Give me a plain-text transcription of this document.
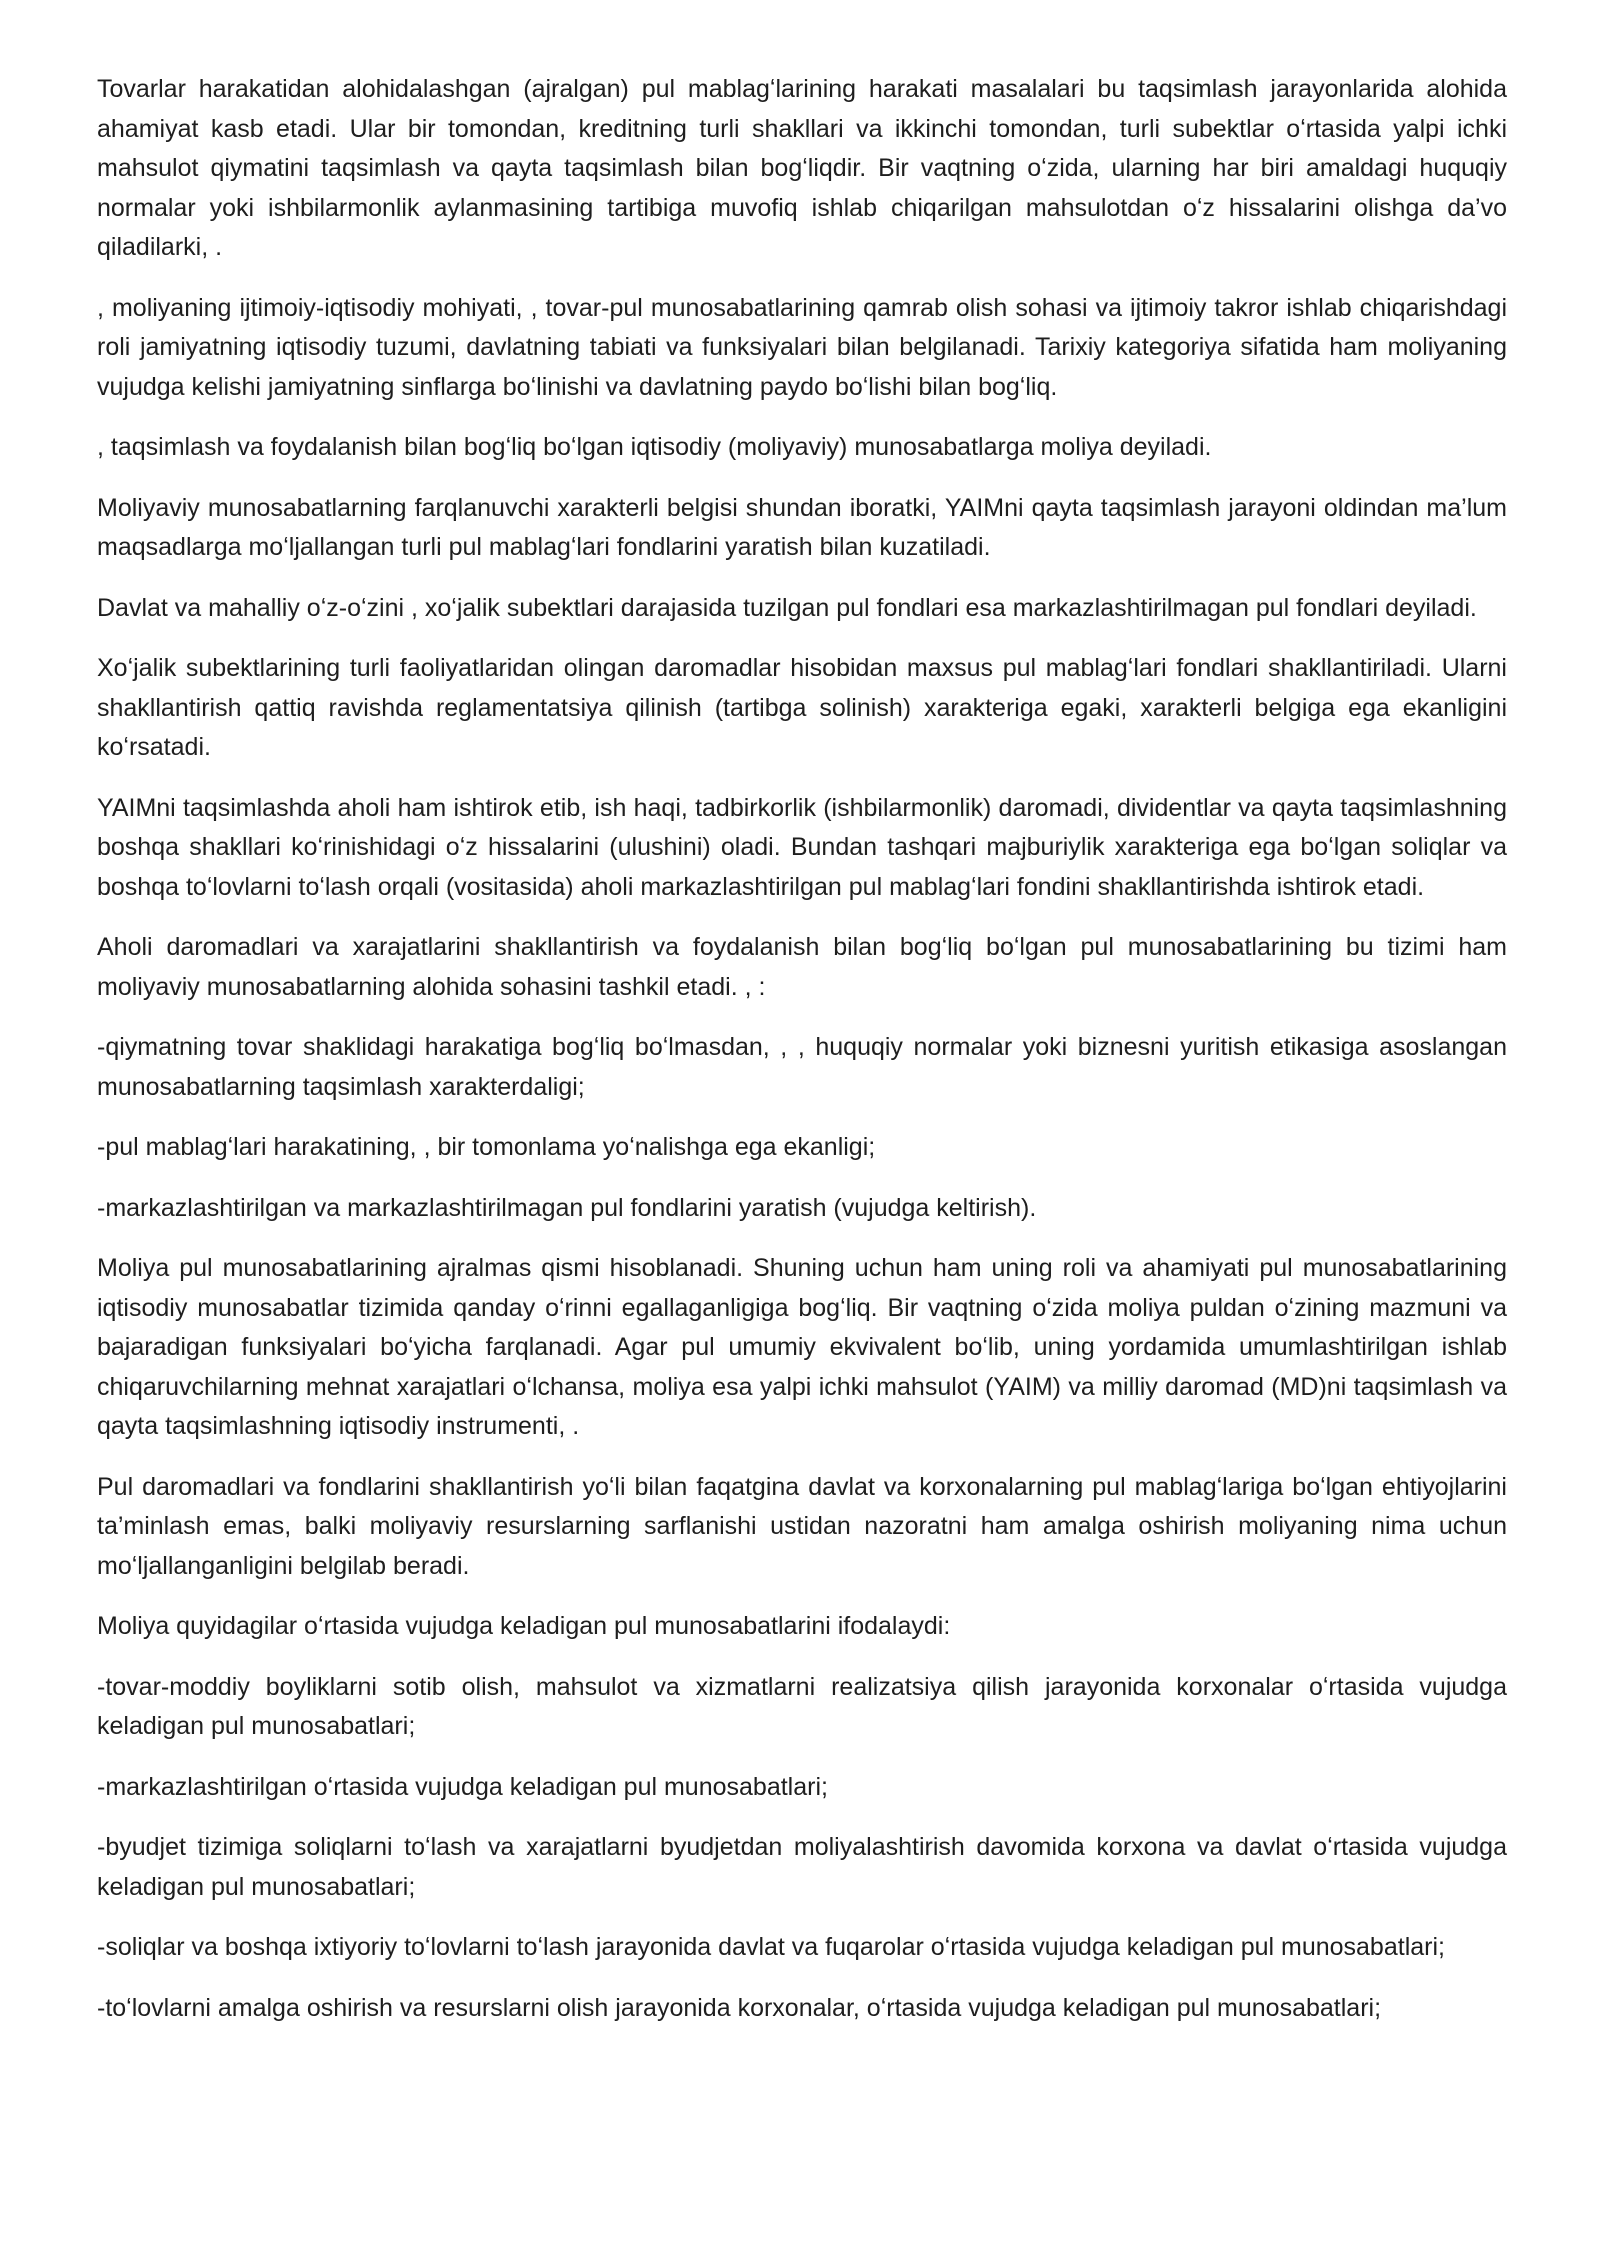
Tovarlar harakatidan alohidalashgan (ajralgan) pul mablagʻlarining harakati masalalari bu taqsimlash jarayonlarida alohida ahamiyat kasb etadi. Ular bir tomondan, kreditning turli shakllari va ikkinchi tomondan, turli subektlar oʻrtasida yalpi ichki mahsulot qiymatini taqsimlash va qayta taqsimlash bilan bogʻliqdir. Bir vaqtning oʻzida, ularning har biri amaldagi huquqiy normalar yoki ishbilarmonlik aylanmasining tartibiga muvofiq ishlab chiqarilgan mahsulotdan oʻz hissalarini olishga da’vo qiladilarki, .

, moliyaning ijtimoiy-iqtisodiy mohiyati, , tovar-pul munosabatlarining qamrab olish sohasi va ijtimoiy takror ishlab chiqarishdagi roli jamiyatning iqtisodiy tuzumi, davlatning tabiati va funksiyalari bilan belgilanadi. Tarixiy kategoriya sifatida ham moliyaning vujudga kelishi jamiyatning sinflarga boʻlinishi va davlatning paydo boʻlishi bilan bogʻliq.

, taqsimlash va foydalanish bilan bogʻliq boʻlgan iqtisodiy (moliyaviy) munosabatlarga moliya deyiladi.

Moliyaviy munosabatlarning farqlanuvchi xarakterli belgisi shundan iboratki, YAIMni qayta taqsimlash jarayoni oldindan ma’lum maqsadlarga moʻljallangan turli pul mablagʻlari fondlarini yaratish bilan kuzatiladi.

Davlat va mahalliy oʻz-oʻzini , xoʻjalik subektlari darajasida tuzilgan pul fondlari esa markazlashtirilmagan pul fondlari deyiladi.

Xoʻjalik subektlarining turli faoliyatlaridan olingan daromadlar hisobidan maxsus pul mablagʻlari fondlari shakllantiriladi. Ularni shakllantirish qattiq ravishda reglamentatsiya qilinish (tartibga solinish) xarakteriga egaki, xarakterli belgiga ega ekanligini koʻrsatadi.

YAIMni taqsimlashda aholi ham ishtirok etib, ish haqi, tadbirkorlik (ishbilarmonlik) daromadi, dividentlar va qayta taqsimlashning boshqa shakllari koʻrinishidagi oʻz hissalarini (ulushini) oladi. Bundan tashqari majburiylik xarakteriga ega boʻlgan soliqlar va boshqa toʻlovlarni toʻlash orqali (vositasida) aholi markazlashtirilgan pul mablagʻlari fondini shakllantirishda ishtirok etadi.

Aholi daromadlari va xarajatlarini shakllantirish va foydalanish bilan bogʻliq boʻlgan pul munosabatlarining bu tizimi ham moliyaviy munosabatlarning alohida sohasini tashkil etadi. , :

-qiymatning tovar shaklidagi harakatiga bogʻliq boʻlmasdan, , , huquqiy normalar yoki biznesni yuritish etikasiga asoslangan munosabatlarning taqsimlash xarakterdaligi;

-pul mablagʻlari harakatining, , bir tomonlama yoʻnalishga ega ekanligi;

-markazlashtirilgan va markazlashtirilmagan pul fondlarini yaratish (vujudga keltirish).

Moliya pul munosabatlarining ajralmas qismi hisoblanadi. Shuning uchun ham uning roli va ahamiyati pul munosabatlarining iqtisodiy munosabatlar tizimida qanday oʻrinni egallaganligiga bogʻliq. Bir vaqtning oʻzida moliya puldan oʻzining mazmuni va bajaradigan funksiyalari boʻyicha farqlanadi. Agar pul umumiy ekvivalent boʻlib, uning yordamida umumlashtirilgan ishlab chiqaruvchilarning mehnat xarajatlari oʻlchansa, moliya esa yalpi ichki mahsulot (YAIM) va milliy daromad (MD)ni taqsimlash va qayta taqsimlashning iqtisodiy instrumenti, .

Pul daromadlari va fondlarini shakllantirish yoʻli bilan faqatgina davlat va korxonalarning pul mablagʻlariga boʻlgan ehtiyojlarini ta’minlash emas, balki moliyaviy resurslarning sarflanishi ustidan nazoratni ham amalga oshirish moliyaning nima uchun moʻljallanganligini belgilab beradi.

Moliya quyidagilar oʻrtasida vujudga keladigan pul munosabatlarini ifodalaydi:

-tovar-moddiy boyliklarni sotib olish, mahsulot va xizmatlarni realizatsiya qilish jarayonida korxonalar oʻrtasida vujudga keladigan pul munosabatlari;

-markazlashtirilgan oʻrtasida vujudga keladigan pul munosabatlari;

-byudjet tizimiga soliqlarni toʻlash va xarajatlarni byudjetdan moliyalashtirish davomida korxona va davlat oʻrtasida vujudga keladigan pul munosabatlari;

-soliqlar va boshqa ixtiyoriy toʻlovlarni toʻlash jarayonida davlat va fuqarolar oʻrtasida vujudga keladigan pul munosabatlari;

-toʻlovlarni amalga oshirish va resurslarni olish jarayonida korxonalar, oʻrtasida vujudga keladigan pul munosabatlari;
